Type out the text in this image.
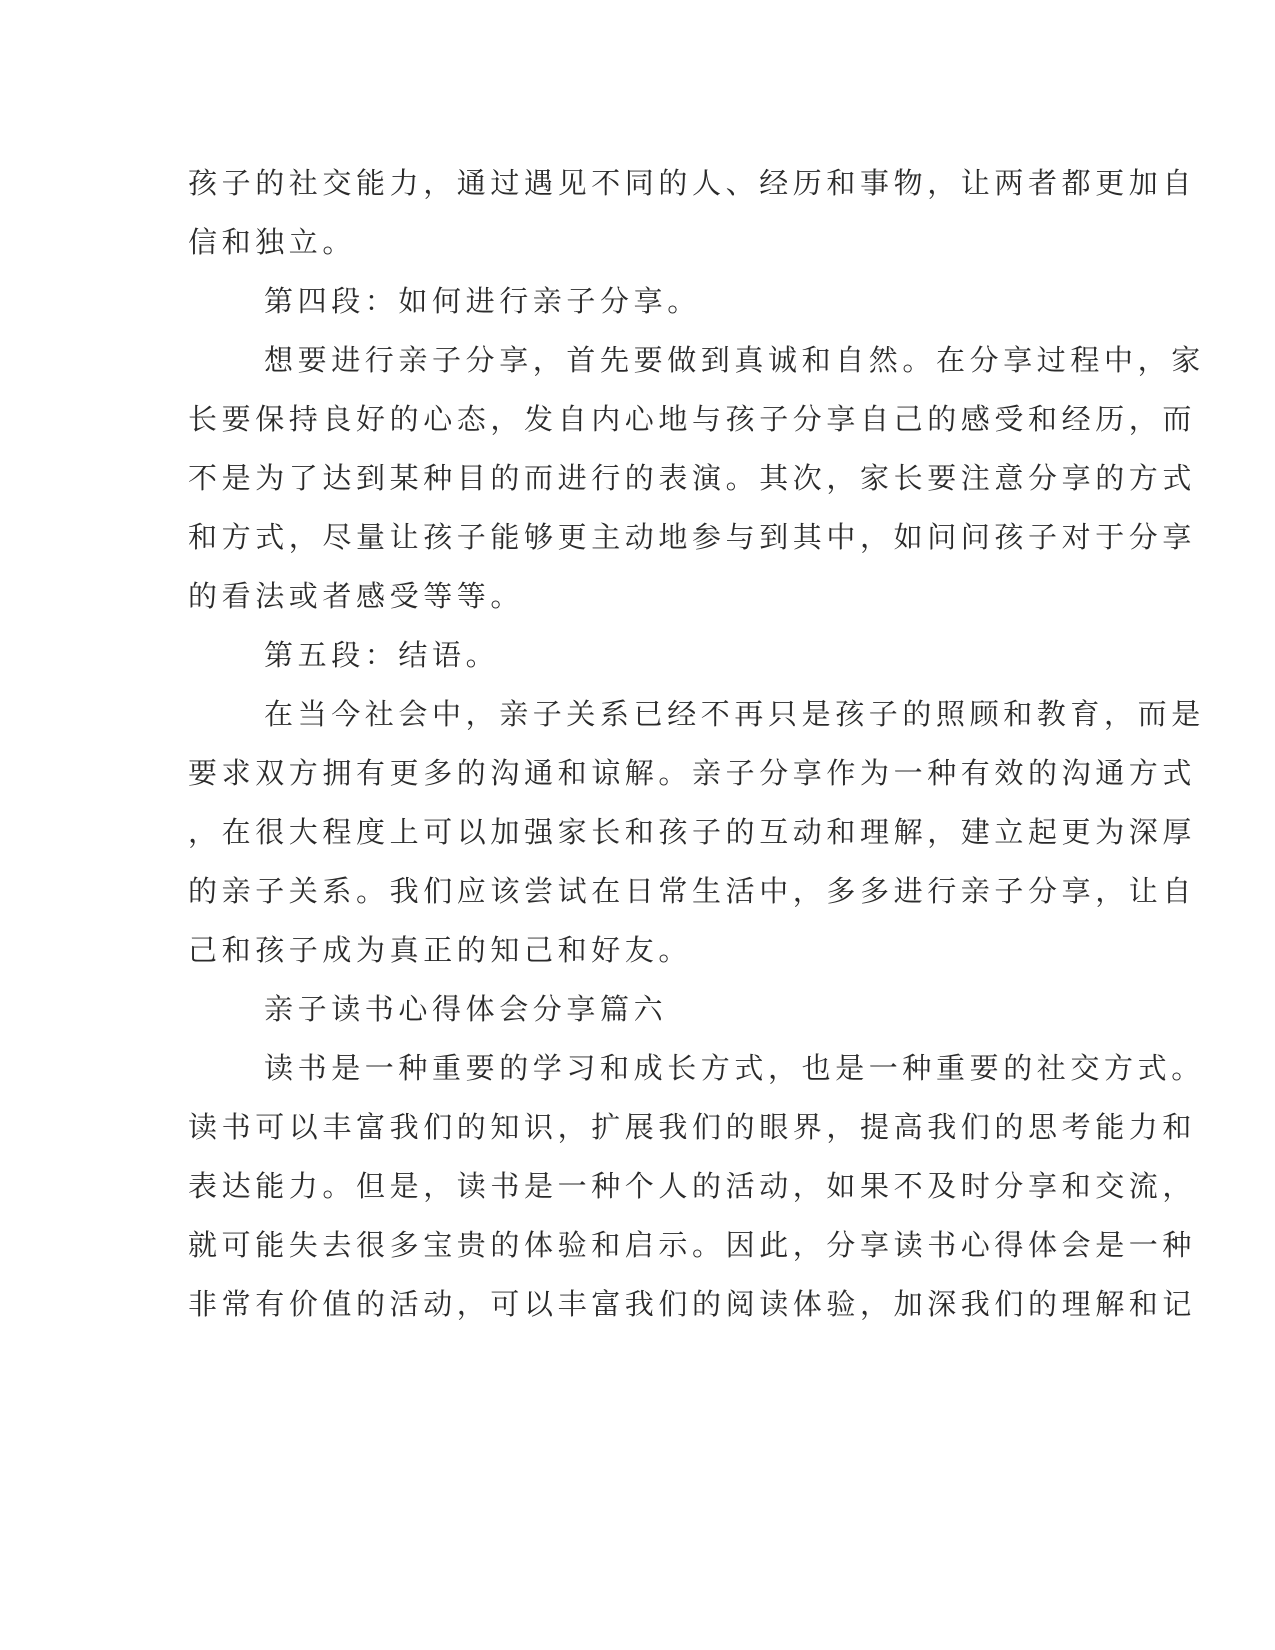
孩子的社交能力，通过遇见不同的人、经历和事物，让两者都更加自
信和独立。
第四段：如何进行亲子分享。
想要进行亲子分享，首先要做到真诚和自然。在分享过程中，家
长要保持良好的心态，发自内心地与孩子分享自己的感受和经历，而
不是为了达到某种目的而进行的表演。其次，家长要注意分享的方式
和方式，尽量让孩子能够更主动地参与到其中，如问问孩子对于分享
的看法或者感受等等。
第五段：结语。
在当今社会中，亲子关系已经不再只是孩子的照顾和教育，而是
要求双方拥有更多的沟通和谅解。亲子分享作为一种有效的沟通方式
，在很大程度上可以加强家长和孩子的互动和理解，建立起更为深厚
的亲子关系。我们应该尝试在日常生活中，多多进行亲子分享，让自
己和孩子成为真正的知己和好友。
亲子读书心得体会分享篇六
读书是一种重要的学习和成长方式，也是一种重要的社交方式。
读书可以丰富我们的知识，扩展我们的眼界，提高我们的思考能力和
表达能力。但是，读书是一种个人的活动，如果不及时分享和交流，
就可能失去很多宝贵的体验和启示。因此，分享读书心得体会是一种
非常有价值的活动，可以丰富我们的阅读体验，加深我们的理解和记
